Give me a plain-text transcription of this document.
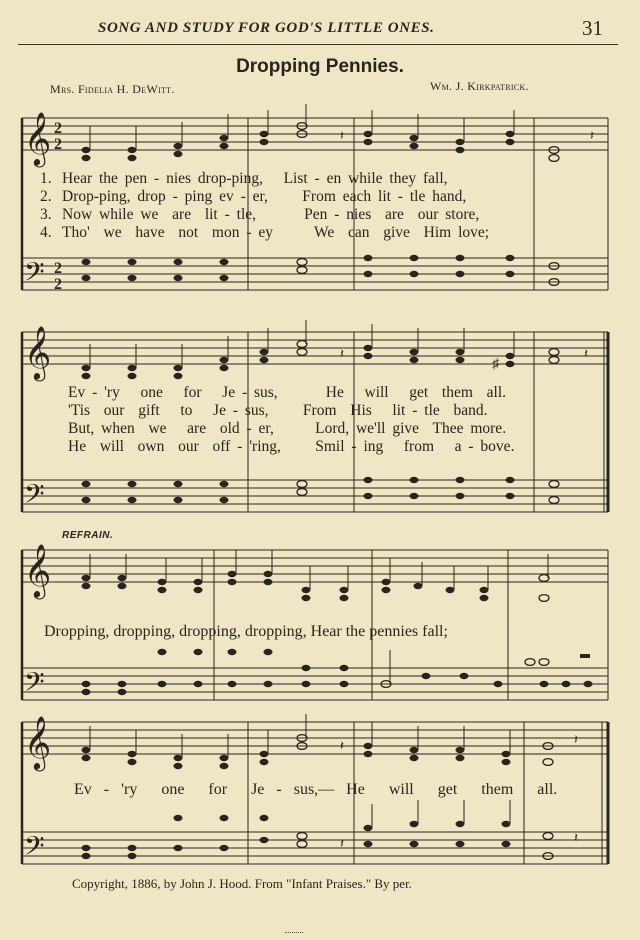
SONG AND STUDY FOR GOD'S LITTLE ONES.	31
Dropping Pennies.
Mrs. Fidelia H. DeWitt.	Wm. J. Kirkpatrick.
𝄞
𝄢
2
2
2
2
𝄽	𝄽
1. Hear the pen - nies drop-ping,   List - en while they fall,
2. Drop-ping, drop - ping ev - er,     From each lit - tle hand,
3. Now while we  are  lit - tle,       Pen - nies  are  our store,
4. Tho'  we  have  not  mon - ey      We  can  give  Him love;
𝄞
𝄢
♯
𝄽	𝄽
Ev - 'ry   one   for   Je - sus,       He   will   get  them  all.
'Tis  our  gift   to   Je - sus,     From  His   lit - tle  band.
But, when  we   are  old - er,      Lord, we'll give  Thee more.
He  will  own  our  off - 'ring,     Smil - ing   from   a - bove.
REFRAIN.
𝄞
𝄢
Dropping, dropping, dropping, dropping, Hear the pennies fall;
𝄞
𝄢
𝄽
𝄽
𝄽
𝄽
Ev - 'ry  one  for  Je - sus,— He  will  get  them  all.
Copyright, 1886, by John J. Hood. From "Infant Praises." By per.
